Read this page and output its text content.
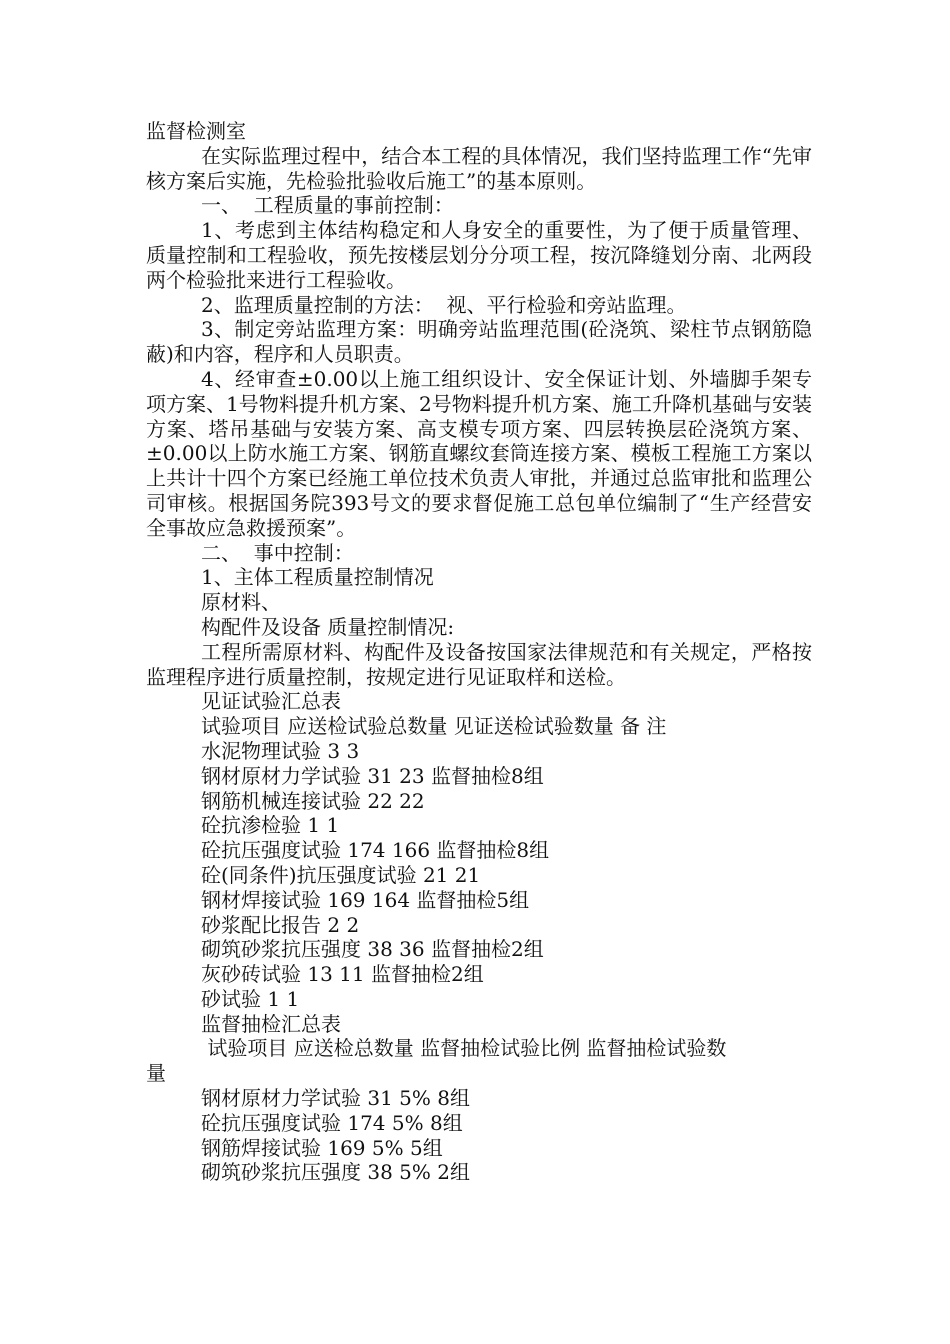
监督检测室

在实际监理过程中，结合本工程的具体情况，我们坚持监理工作“先审核方案后实施，先检验批验收后施工”的基本原则。

一、  工程质量的事前控制：

1、考虑到主体结构稳定和人身安全的重要性，为了便于质量管理、质量控制和工程验收，预先按楼层划分分项工程，按沉降缝划分南、北两段两个检验批来进行工程验收。

2、监理质量控制的方法：  视、平行检验和旁站监理。

3、制定旁站监理方案：明确旁站监理范围(砼浇筑、梁柱节点钢筋隐蔽)和内容，程序和人员职责。

4、经审查±0.00以上施工组织设计、安全保证计划、外墙脚手架专项方案、1号物料提升机方案、2号物料提升机方案、施工升降机基础与安装方案、塔吊基础与安装方案、高支模专项方案、四层转换层砼浇筑方案、±0.00以上防水施工方案、钢筋直螺纹套筒连接方案、模板工程施工方案以上共计十四个方案已经施工单位技术负责人审批，并通过总监审批和监理公司审核。根据国务院393号文的要求督促施工总包单位编制了“生产经营安全事故应急救援预案”。

二、  事中控制：
1、主体工程质量控制情况
原材料、
构配件及设备 质量控制情况:

工程所需原材料、构配件及设备按国家法律规范和有关规定，严格按监理程序进行质量控制，按规定进行见证取样和送检。

见证试验汇总表
试验项目 应送检试验总数量 见证送检试验数量 备 注
水泥物理试验 3 3
钢材原材力学试验 31 23 监督抽检8组
钢筋机械连接试验 22 22
砼抗渗检验 1 1
砼抗压强度试验 174 166 监督抽检8组
砼(同条件)抗压强度试验 21 21
钢材焊接试验 169 164 监督抽检5组
砂浆配比报告 2 2
砌筑砂浆抗压强度 38 36 监督抽检2组
灰砂砖试验 13 11 监督抽检2组
砂试验 1 1
监督抽检汇总表
试验项目 应送检总数量 监督抽检试验比例 监督抽检试验数
量
钢材原材力学试验 31 5% 8组
砼抗压强度试验 174 5% 8组
钢筋焊接试验 169 5% 5组
砌筑砂浆抗压强度 38 5% 2组
